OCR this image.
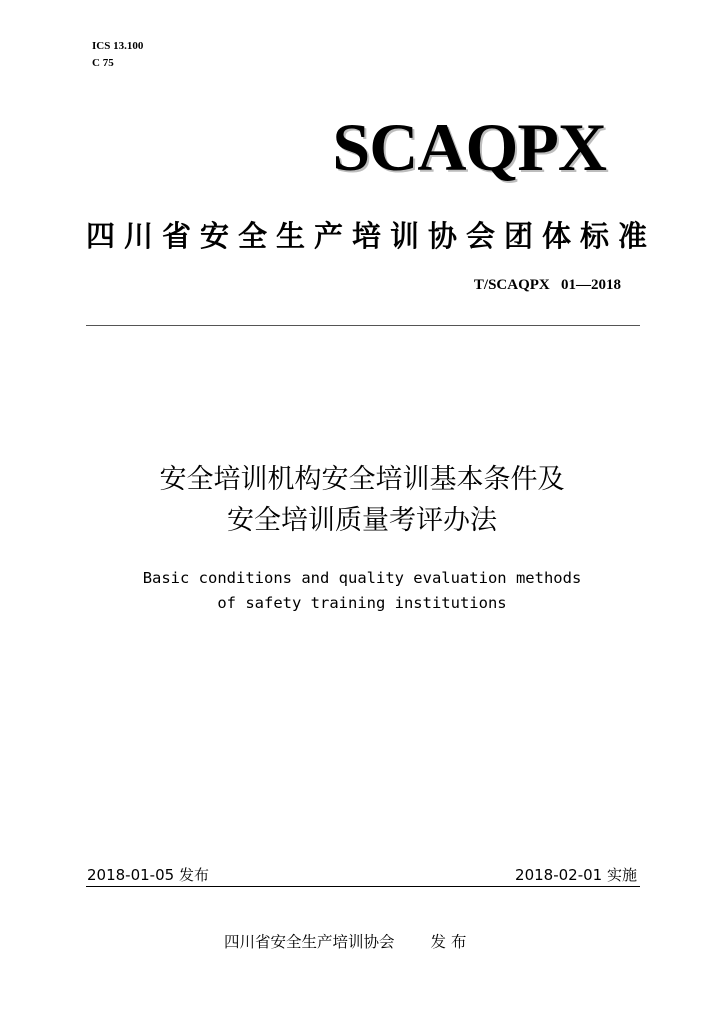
ICS 13.100
C 75
SCAQPX
四川省安全生产培训协会团体标准
T/SCAQPX   01—2018
安全培训机构安全培训基本条件及
安全培训质量考评办法
Basic conditions and quality evaluation methods
of safety training institutions
2018-01-05 发布	2018-02-01 实施
四川省安全生产培训协会 发 布
